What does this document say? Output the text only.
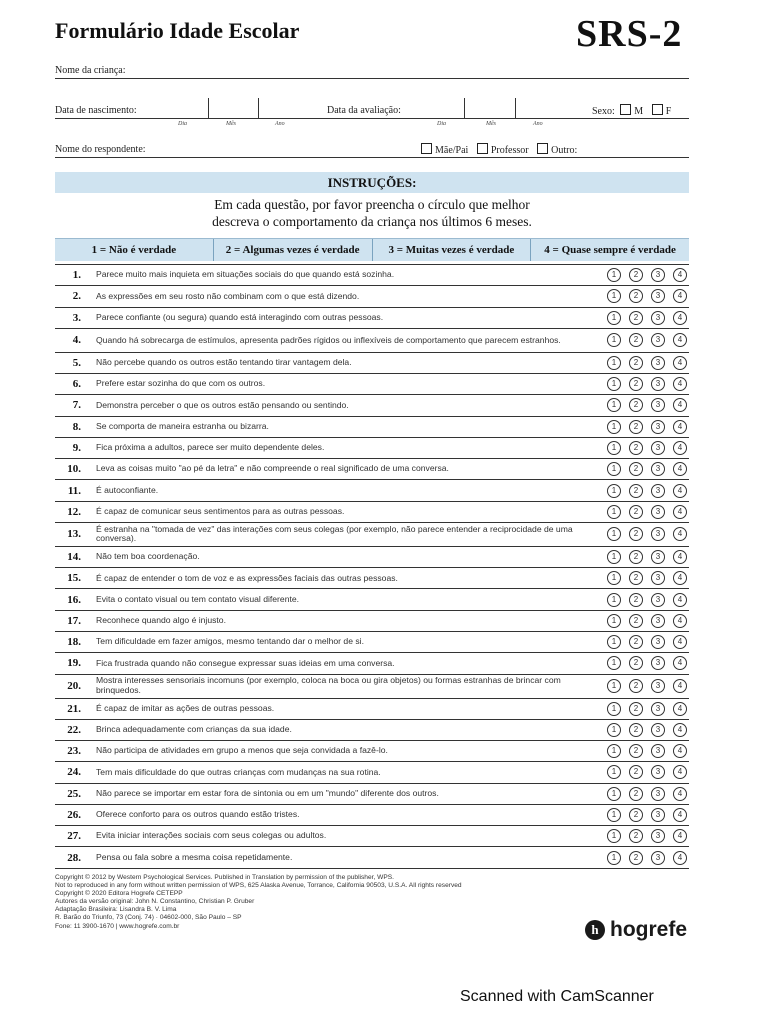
Formulário Idade Escolar	SRS-2
Nome da criança:
Data de nascimento:	Data da avaliação:	Sexo: M F
Dia	Mês	Ano	Dia	Mês	Ano
Nome do respondente:	Mãe/Pai Professor Outro:
INSTRUÇÕES:
Em cada questão, por favor preencha o círculo que melhor
descreva o comportamento da criança nos últimos 6 meses.
1 = Não é verdade	2 = Algumas vezes é verdade	3 = Muitas vezes é verdade	4 = Quase sempre é verdade
1. Parece muito mais inquieta em situações sociais do que quando está sozinha.	1	2	3	4
2. As expressões em seu rosto não combinam com o que está dizendo.	1	2	3	4
3. Parece confiante (ou segura) quando está interagindo com outras pessoas.	1	2	3	4
4. Quando há sobrecarga de estímulos, apresenta padrões rígidos ou inflexíveis de comportamento que parecem estranhos.	1	2	3	4
5. Não percebe quando os outros estão tentando tirar vantagem dela.	1	2	3	4
6. Prefere estar sozinha do que com os outros.	1	2	3	4
7. Demonstra perceber o que os outros estão pensando ou sentindo.	1	2	3	4
8. Se comporta de maneira estranha ou bizarra.	1	2	3	4
9. Fica próxima a adultos, parece ser muito dependente deles.	1	2	3	4
10. Leva as coisas muito "ao pé da letra" e não compreende o real significado de uma conversa.	1	2	3	4
11. É autoconfiante.	1	2	3	4
12. É capaz de comunicar seus sentimentos para as outras pessoas.	1	2	3	4
13. É estranha na "tomada de vez" das interações com seus colegas (por exemplo, não parece entender a reciprocidade de uma conversa).	1	2	3	4
14. Não tem boa coordenação.	1	2	3	4
15. É capaz de entender o tom de voz e as expressões faciais das outras pessoas.	1	2	3	4
16. Evita o contato visual ou tem contato visual diferente.	1	2	3	4
17. Reconhece quando algo é injusto.	1	2	3	4
18. Tem dificuldade em fazer amigos, mesmo tentando dar o melhor de si.	1	2	3	4
19. Fica frustrada quando não consegue expressar suas ideias em uma conversa.	1	2	3	4
20. Mostra interesses sensoriais incomuns (por exemplo, coloca na boca ou gira objetos) ou formas estranhas de brincar com brinquedos.	1	2	3	4
21. É capaz de imitar as ações de outras pessoas.	1	2	3	4
22. Brinca adequadamente com crianças da sua idade.	1	2	3	4
23. Não participa de atividades em grupo a menos que seja convidada a fazê-lo.	1	2	3	4
24. Tem mais dificuldade do que outras crianças com mudanças na sua rotina.	1	2	3	4
25. Não parece se importar em estar fora de sintonia ou em um "mundo" diferente dos outros.	1	2	3	4
26. Oferece conforto para os outros quando estão tristes.	1	2	3	4
27. Evita iniciar interações sociais com seus colegas ou adultos.	1	2	3	4
28. Pensa ou fala sobre a mesma coisa repetidamente.	1	2	3	4
Copyright © 2012 by Western Psychological Services. Published in Translation by permission of the publisher, WPS.
Not to reproduced in any form without written permission of WPS, 625 Alaska Avenue, Torrance, California 90503, U.S.A. All rights reserved
Copyright © 2020 Editora Hogrefe CETEPP
Autores da versão original: John N. Constantino, Christian P. Gruber
Adaptação Brasileira: Lisandra B. V. Lima
R. Barão do Triunfo, 73 (Conj. 74) · 04602-000, São Paulo – SP
Fone: 11 3900-1670 | www.hogrefe.com.br	h hogrefe
Scanned with CamScanner
